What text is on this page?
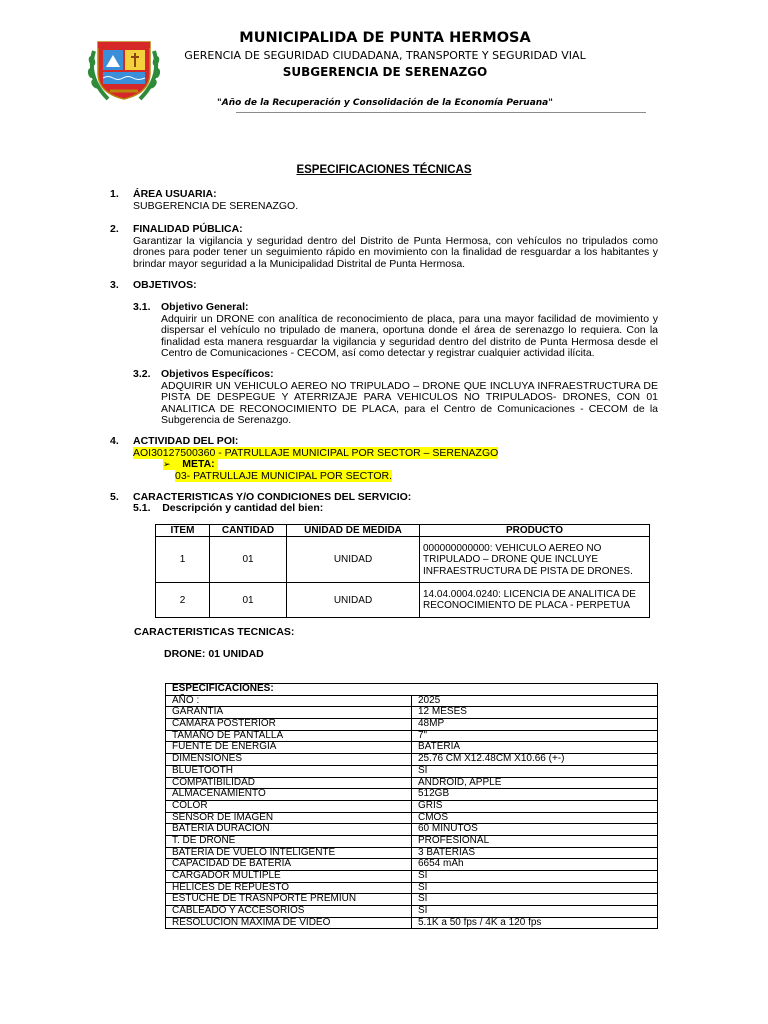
MUNICIPALIDA DE PUNTA HERMOSA
GERENCIA DE SEGURIDAD CIUDADANA, TRANSPORTE Y SEGURIDAD VIAL
SUBGERENCIA DE SERENAZGO
"Año de la Recuperación y Consolidación de la Economía Peruana"
ESPECIFICACIONES TÉCNICAS
1. ÁREA USUARIA:
SUBGERENCIA DE SERENAZGO.
2. FINALIDAD PÚBLICA:
Garantizar la vigilancia y seguridad dentro del Distrito de Punta Hermosa, con vehículos no tripulados como drones para poder tener un seguimiento rápido en movimiento con la finalidad de resguardar a los habitantes y brindar mayor seguridad a la Municipalidad Distrital de Punta Hermosa.
3. OBJETIVOS:
3.1. Objetivo General:
Adquirir un DRONE con analítica de reconocimiento de placa, para una mayor facilidad de movimiento y dispersar el vehículo no tripulado de manera, oportuna donde el área de serenazgo lo requiera. Con la finalidad esta manera resguardar la vigilancia y seguridad dentro del distrito de Punta Hermosa desde el Centro de Comunicaciones - CECOM, así como detectar y registrar cualquier actividad ilícita.
3.2. Objetivos Específicos:
ADQUIRIR UN VEHICULO AEREO NO TRIPULADO – DRONE QUE INCLUYA INFRAESTRUCTURA DE PISTA DE DESPEGUE Y ATERRIZAJE PARA VEHICULOS NO TRIPULADOS- DRONES, CON 01 ANALITICA DE RECONOCIMIENTO DE PLACA, para el Centro de Comunicaciones - CECOM de la Subgerencia de Serenazgo.
4. ACTIVIDAD DEL POI:
AOI30127500360 - PATRULLAJE MUNICIPAL POR SECTOR – SERENAZGO
➢ META:
03- PATRULLAJE MUNICIPAL POR SECTOR.
5. CARACTERISTICAS Y/O CONDICIONES DEL SERVICIO:
5.1. Descripción y cantidad del bien:
ITEM	CANTIDAD	UNIDAD DE MEDIDA	PRODUCTO
1	01	UNIDAD	000000000000: VEHICULO AEREO NO TRIPULADO – DRONE QUE INCLUYE INFRAESTRUCTURA DE PISTA DE DRONES.
2	01	UNIDAD	14.04.0004.0240: LICENCIA DE ANALITICA DE RECONOCIMIENTO DE PLACA - PERPETUA
CARACTERISTICAS TECNICAS:
DRONE: 01 UNIDAD
ESPECIFICACIONES:	
AÑO :	2025
GARANTIA	12 MESES
CAMARA POSTERIOR	48MP
TAMAÑO DE PANTALLA	7"
FUENTE DE ENERGIA	BATERIA
DIMENSIONES	25.76 CM X12.48CM X10.66 (+-)
BLUETOOTH	SI
COMPATIBILIDAD	ANDROID, APPLE
ALMACENAMIENTO	512GB
COLOR	GRIS
SENSOR DE IMAGEN	CMOS
BATERIA DURACION	60 MINUTOS
T. DE DRONE	PROFESIONAL
BATERIA DE VUELO INTELIGENTE	3 BATERIAS
CAPACIDAD DE BATERIA	6654 mAh
CARGADOR MULTIPLE	SI
HELICES DE REPUESTO	SI
ESTUCHE DE TRASNPORTE PREMIUN	SI
CABLEADO Y ACCESORIOS	SI
RESOLUCION MAXIMA DE VIDEO	5.1K a 50 fps / 4K a 120 fps
